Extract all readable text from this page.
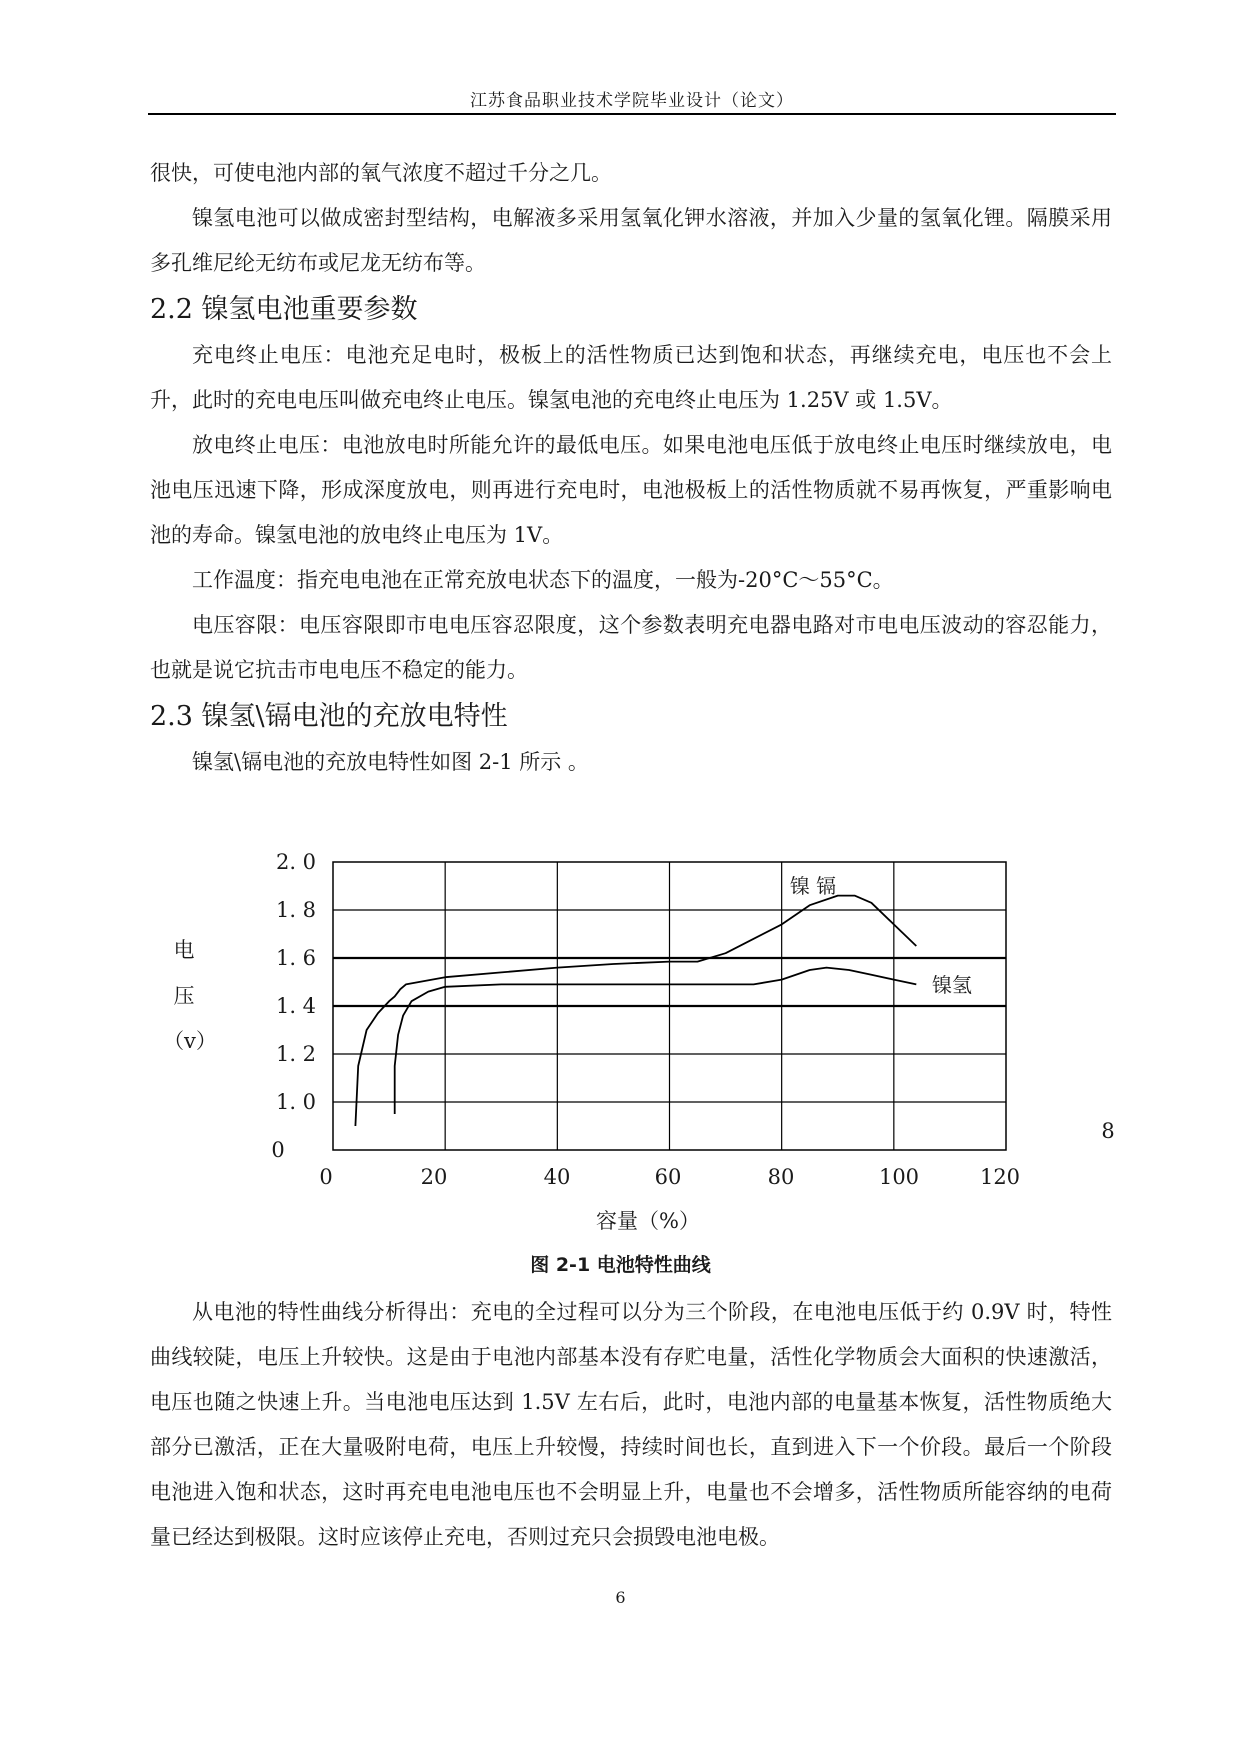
江苏食品职业技术学院毕业设计（论文）

很快，可使电池内部的氧气浓度不超过千分之几。

镍氢电池可以做成密封型结构，电解液多采用氢氧化钾水溶液，并加入少量的氢氧化锂。隔膜采用多孔维尼纶无纺布或尼龙无纺布等。

2.2 镍氢电池重要参数

充电终止电压：电池充足电时，极板上的活性物质已达到饱和状态，再继续充电，电压也不会上升，此时的充电电压叫做充电终止电压。镍氢电池的充电终止电压为 1.25V 或 1.5V。

放电终止电压：电池放电时所能允许的最低电压。如果电池电压低于放电终止电压时继续放电，电池电压迅速下降，形成深度放电，则再进行充电时，电池极板上的活性物质就不易再恢复，严重影响电池的寿命。镍氢电池的放电终止电压为 1V。

工作温度：指充电电池在正常充放电状态下的温度，一般为-20°C～55°C。

电压容限：电压容限即市电电压容忍限度，这个参数表明充电器电路对市电电压波动的容忍能力，也就是说它抗击市电电压不稳定的能力。

2.3 镍氢\镉电池的充放电特性

镍氢\镉电池的充放电特性如图 2-1 所示 。

2. 0
1. 8
1. 6
1. 4
1. 2
1. 0
0
0	20	40	60	80	100	120
电
压
（v）
镍 镉
镍氢
容量（%）
8
图 2-1 电池特性曲线

从电池的特性曲线分析得出：充电的全过程可以分为三个阶段，在电池电压低于约 0.9V 时，特性曲线较陡，电压上升较快。这是由于电池内部基本没有存贮电量，活性化学物质会大面积的快速激活，电压也随之快速上升。当电池电压达到 1.5V 左右后，此时，电池内部的电量基本恢复，活性物质绝大部分已激活，正在大量吸附电荷，电压上升较慢，持续时间也长，直到进入下一个价段。最后一个阶段电池进入饱和状态，这时再充电电池电压也不会明显上升，电量也不会增多，活性物质所能容纳的电荷量已经达到极限。这时应该停止充电，否则过充只会损毁电池电极。

6
